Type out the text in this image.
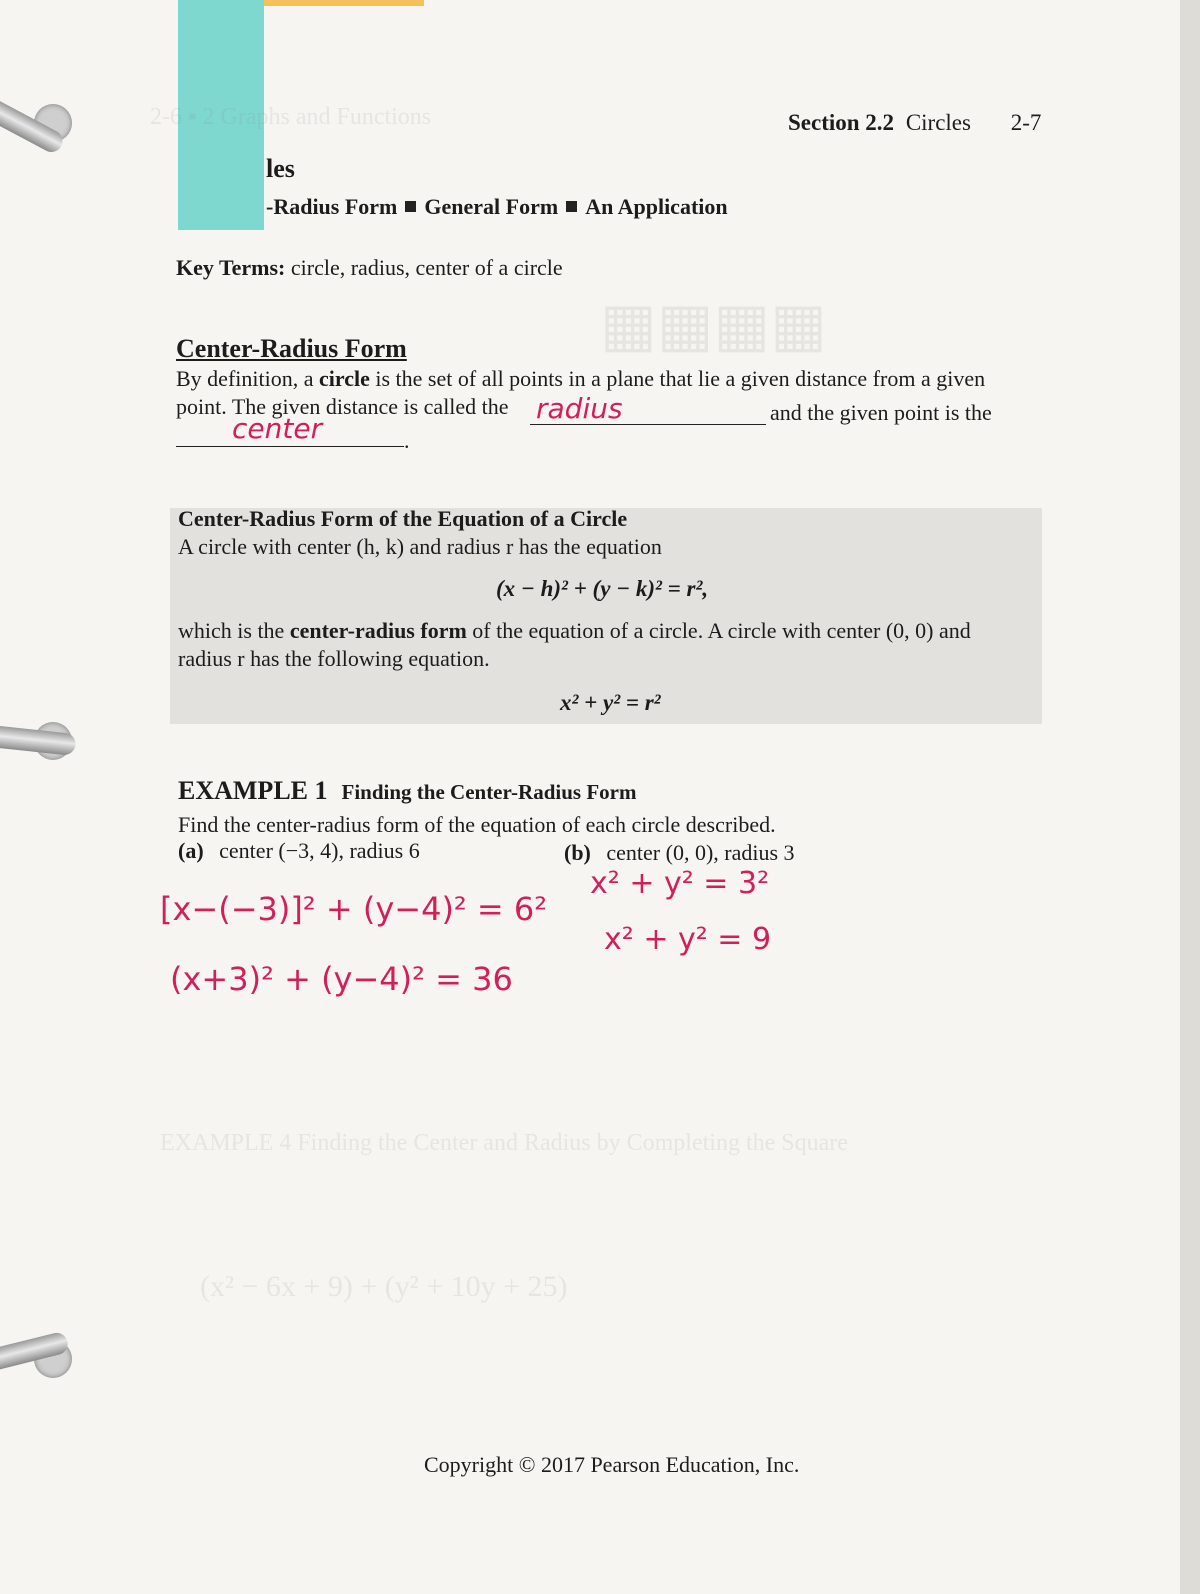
2-6 ▪ 2 Graphs and Functions
▦▦▦▦
EXAMPLE 4 Finding the Center and Radius by Completing the Square
(x² − 6x + 9) + (y² + 10y + 25)
Section 2.2 Circles 2-7
les
-Radius Form General Form An Application
Key Terms: circle, radius, center of a circle
Center-Radius Form
By definition, a circle is the set of all points in a plane that lie a given distance from a given
point. The given distance is called the radius	and the given point is the
.
center
Center-Radius Form of the Equation of a Circle
A circle with center (h, k) and radius r has the equation
(x − h)² + (y − k)² = r²,
which is the center-radius form of the equation of a circle. A circle with center (0, 0) and
radius r has the following equation.
x² + y² = r²
EXAMPLE 1 Finding the Center-Radius Form
Find the center-radius form of the equation of each circle described.
(a) center (−3, 4), radius 6	(b) center (0, 0), radius 3
[x−(−3)]² + (y−4)² = 6²
(x+3)² + (y−4)² = 36
x² + y² = 3²
x² + y² = 9
Copyright © 2017 Pearson Education, Inc.
